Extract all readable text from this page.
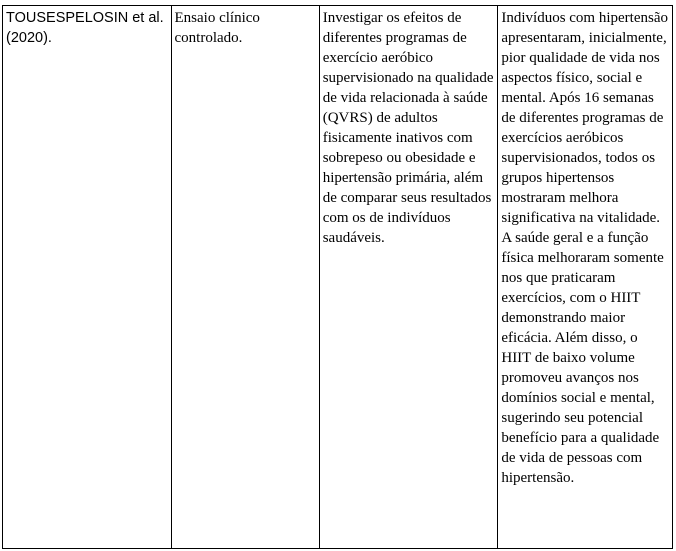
TOUSESPELOSIN et al. (2020).	Ensaio clínico controlado.	Investigar os efeitos de diferentes programas de exercício aeróbico supervisionado na qualidade de vida relacionada à saúde (QVRS) de adultos fisicamente inativos com sobrepeso ou obesidade e hipertensão primária, além de comparar seus resultados com os de indivíduos saudáveis.	Indivíduos com hipertensão apresentaram, inicialmente, pior qualidade de vida nos aspectos físico, social e mental. Após 16 semanas de diferentes programas de exercícios aeróbicos supervisionados, todos os grupos hipertensos mostraram melhora significativa na vitalidade. A saúde geral e a função física melhoraram somente nos que praticaram exercícios, com o HIIT demonstrando maior eficácia. Além disso, o HIIT de baixo volume promoveu avanços nos domínios social e mental, sugerindo seu potencial benefício para a qualidade de vida de pessoas com hipertensão.
